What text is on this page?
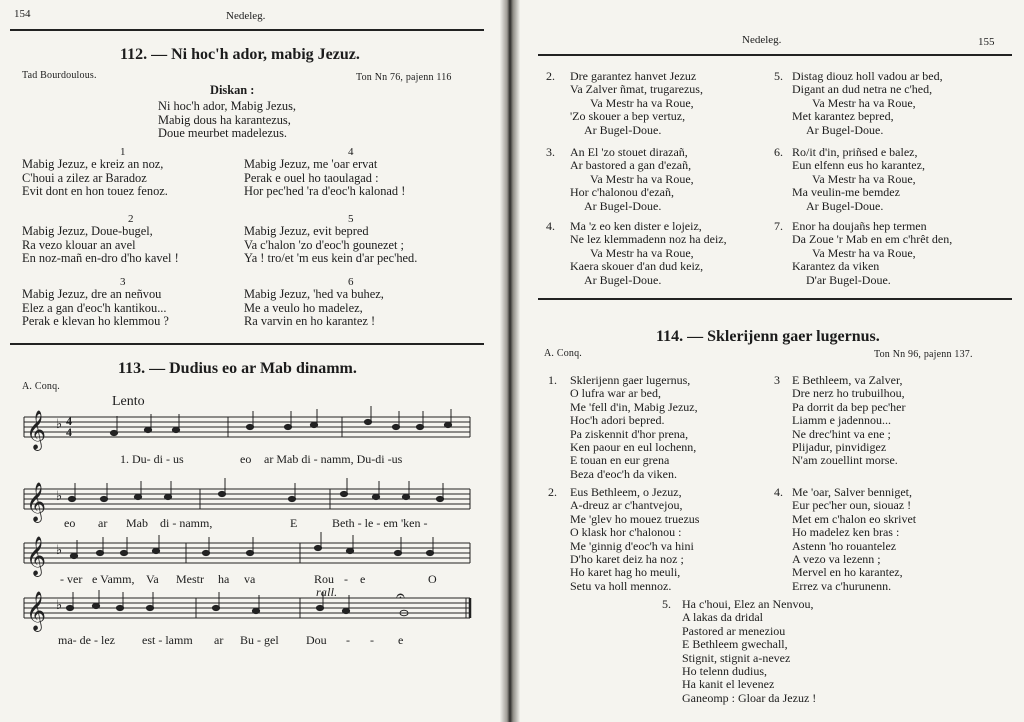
154	Nedeleg.
112. — Ni hoc'h ador, mabig Jezuz.
Tad Bourdoulous.	Ton Nn 76, pajenn 116
Diskan :
Ni hoc'h ador, Mabig Jezus,
Mabig dous ha karantezus,
Doue meurbet madelezus.
1
Mabig Jezuz, e kreiz an noz,
C'houi a zilez ar Baradoz
Evit dont en hon touez fenoz.
2
Mabig Jezuz, Doue-bugel,
Ra vezo klouar an avel
En noz-mañ en-dro d'ho kavel !
3
Mabig Jezuz, dre an neñvou
Elez a gan d'eoc'h kantikou...
Perak e klevan ho klemmou ?
4
Mabig Jezuz, me 'oar ervat
Perak e ouel ho taoulagad :
Hor pec'hed 'ra d'eoc'h kalonad !
5
Mabig Jezuz, evit bepred
Va c'halon 'zo d'eoc'h gounezet ;
Ya ! tro/et 'm eus kein d'ar pec'hed.
6
Mabig Jezuz, 'hed va buhez,
Me a veulo ho madelez,
Ra varvin en ho karantez !
113. — Dudius eo ar Mab dinamm.
A. Conq.
Lento
𝄞 ♭ 4
4
𝄞 ♭
𝄞 ♭
𝄞 ♭	𝄐
rall.
1. Du- di - us	eo ar Mab di - namm, Du-di -us
eo ar Mab di - namm,	E	Beth - le - em 'ken -
- ver e Vamm, Va Mestr ha va	Rou - e	O
ma- de - lez est - lamm ar Bu - gel Dou - - e
Nedeleg.	155
2. Dre garantez hanvet Jezuz
Va Zalver ñmat, trugarezus,
Va Mestr ha va Roue,
'Zo skouer a bep vertuz,
Ar Bugel-Doue.
3. An El 'zo stouet dirazañ,
Ar bastored a gan d'ezañ,
Va Mestr ha va Roue,
Hor c'halonou d'ezañ,
Ar Bugel-Doue.
4. Ma 'z eo ken dister e lojeiz,
Ne lez klemmadenn noz ha deiz,
Va Mestr ha va Roue,
Kaera skouer d'an dud keiz,
Ar Bugel-Doue.
5. Distag diouz holl vadou ar bed,
Digant an dud netra ne c'hed,
Va Mestr ha va Roue,
Met karantez bepred,
Ar Bugel-Doue.
6. Ro/it d'in, priñsed e balez,
Eun elfenn eus ho karantez,
Va Mestr ha va Roue,
Ma veulin-me bemdez
Ar Bugel-Doue.
7. Enor ha doujañs hep termen
Da Zoue 'r Mab en em c'hrêt den,
Va Mestr ha va Roue,
Karantez da viken
D'ar Bugel-Doue.
114. — Sklerijenn gaer lugernus.
A. Conq.	Ton Nn 96, pajenn 137.
1. Sklerijenn gaer lugernus,
O lufra war ar bed,
Me 'fell d'in, Mabig Jezuz,
Hoc'h adori bepred.
Pa ziskennit d'hor prena,
Ken paour en eul lochenn,
E touan en eur grena
Beza d'eoc'h da viken.
2. Eus Bethleem, o Jezuz,
A-dreuz ar c'hantvejou,
Me 'glev ho mouez truezus
O klask hor c'halonou :
Me 'ginnig d'eoc'h va hini
D'ho karet deiz ha noz ;
Ho karet hag ho meuli,
Setu va holl mennoz.
3 E Bethleem, va Zalver,
Dre nerz ho trubuilhou,
Pa dorrit da bep pec'her
Liamm e jadennou...
Ne drec'hint va ene ;
Plijadur, pinvidigez
N'am zouellint morse.
4. Me 'oar, Salver benniget,
Eur pec'her oun, siouaz !
Met em c'halon eo skrivet
Ho madelez ken bras :
Astenn 'ho rouantelez
A vezo va lezenn ;
Mervel en ho karantez,
Errez va c'hurunenn.
5. Ha c'houi, Elez an Nenvou,
A lakas da dridal
Pastored ar meneziou
E Bethleem gwechall,
Stignit, stignit a-nevez
Ho telenn dudius,
Ha kanit el levenez
Ganeomp : Gloar da Jezuz !
